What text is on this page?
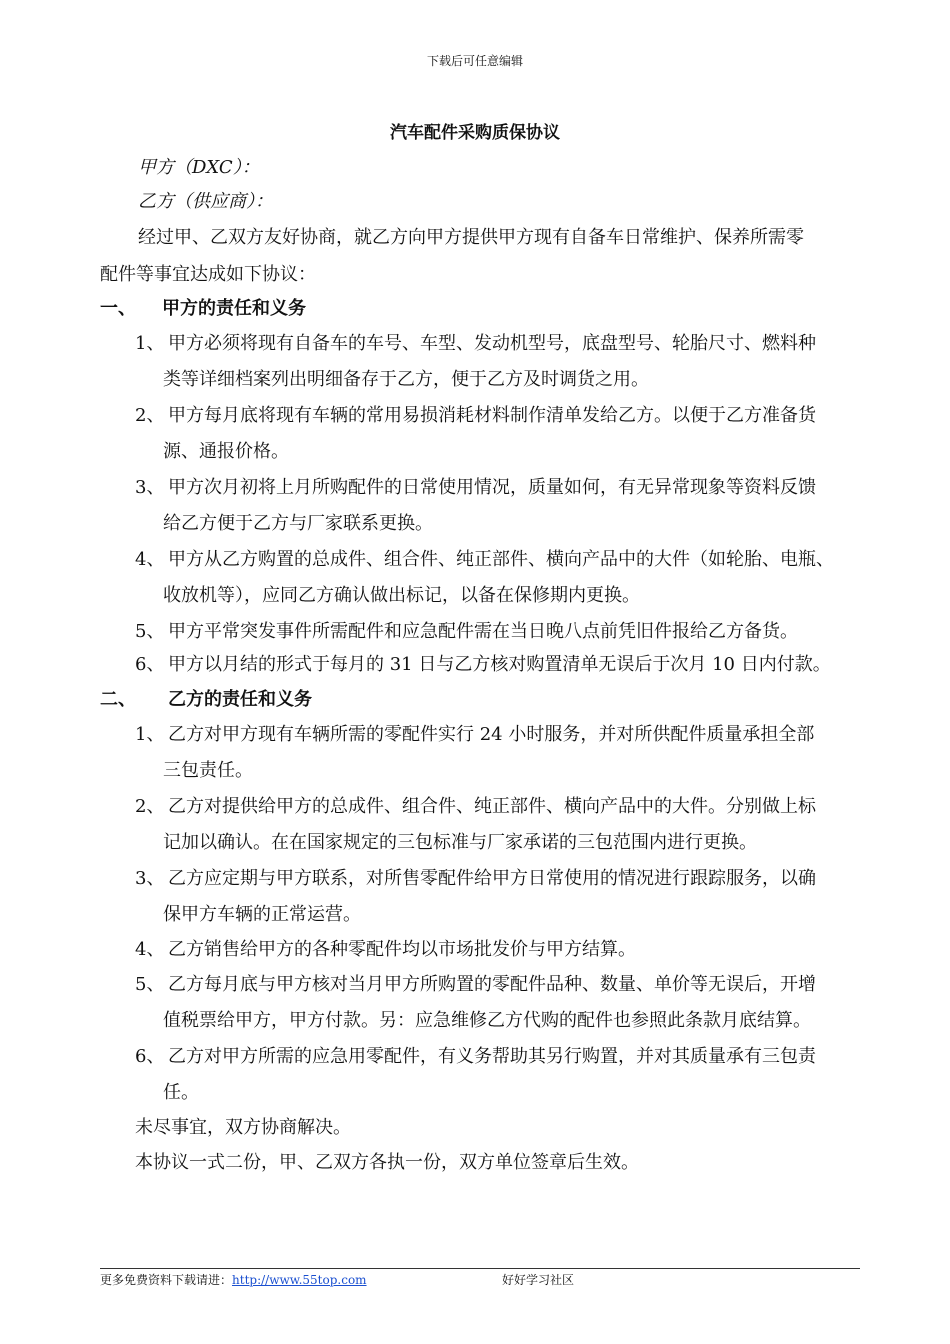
下载后可任意编辑
汽车配件采购质保协议
甲方（DXC）：
乙方（供应商）：
经过甲、乙双方友好协商，就乙方向甲方提供甲方现有自备车日常维护、保养所需零
配件等事宜达成如下协议：
一、 甲方的责任和义务
1、 甲方必须将现有自备车的车号、车型、发动机型号，底盘型号、轮胎尺寸、燃料种
类等详细档案列出明细备存于乙方，便于乙方及时调货之用。
2、 甲方每月底将现有车辆的常用易损消耗材料制作清单发给乙方。以便于乙方准备货
源、通报价格。
3、 甲方次月初将上月所购配件的日常使用情况，质量如何，有无异常现象等资料反馈
给乙方便于乙方与厂家联系更换。
4、 甲方从乙方购置的总成件、组合件、纯正部件、横向产品中的大件（如轮胎、电瓶、
收放机等），应同乙方确认做出标记，以备在保修期内更换。
5、 甲方平常突发事件所需配件和应急配件需在当日晚八点前凭旧件报给乙方备货。
6、 甲方以月结的形式于每月的 31 日与乙方核对购置清单无误后于次月 10 日内付款。
二、 乙方的责任和义务
1、 乙方对甲方现有车辆所需的零配件实行 24 小时服务，并对所供配件质量承担全部
三包责任。
2、 乙方对提供给甲方的总成件、组合件、纯正部件、横向产品中的大件。分别做上标
记加以确认。在在国家规定的三包标准与厂家承诺的三包范围内进行更换。
3、 乙方应定期与甲方联系，对所售零配件给甲方日常使用的情况进行跟踪服务，以确
保甲方车辆的正常运营。
4、 乙方销售给甲方的各种零配件均以市场批发价与甲方结算。
5、 乙方每月底与甲方核对当月甲方所购置的零配件品种、数量、单价等无误后，开增
值税票给甲方，甲方付款。另：应急维修乙方代购的配件也参照此条款月底结算。
6、 乙方对甲方所需的应急用零配件，有义务帮助其另行购置，并对其质量承有三包责
任。
未尽事宜，双方协商解决。
本协议一式二份，甲、乙双方各执一份，双方单位签章后生效。
更多免费资料下载请进：http://www.55top.com	好好学习社区
